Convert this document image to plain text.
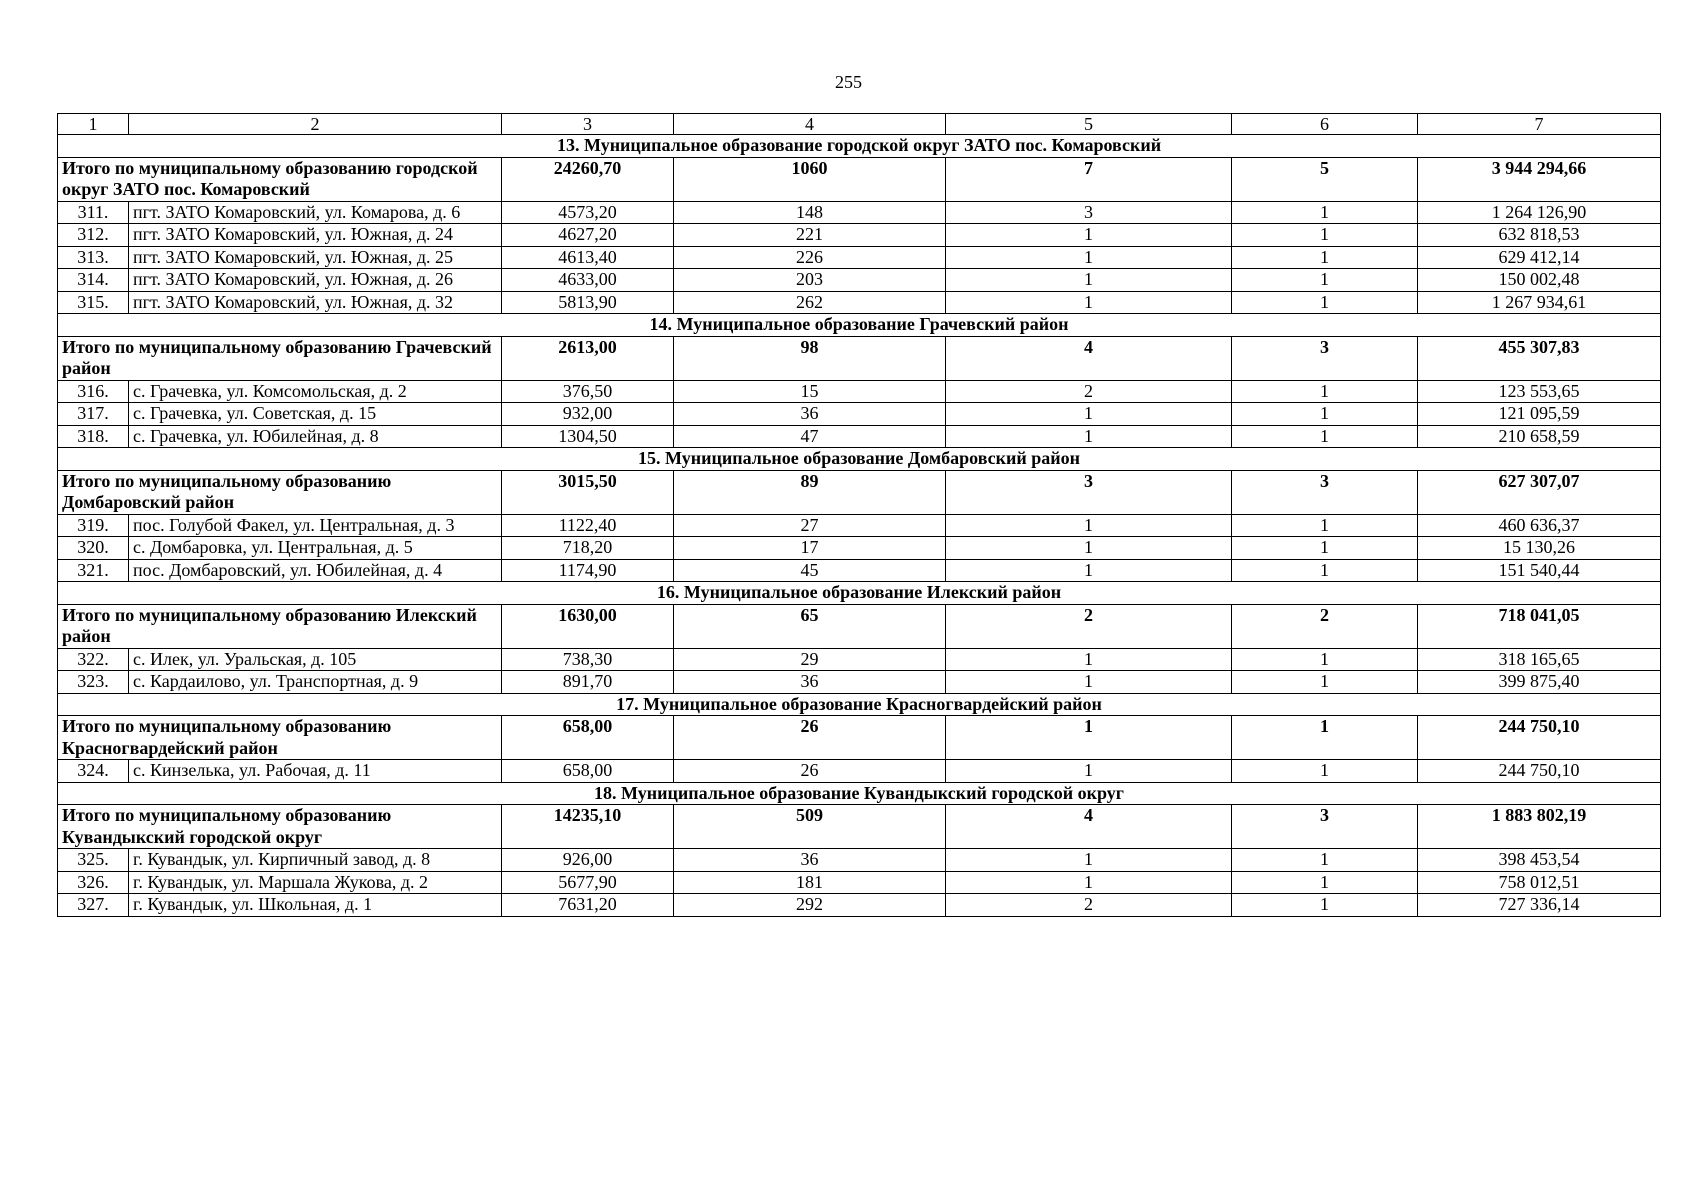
255
1	2	3	4	5	6	7
13. Муниципальное образование городской округ ЗАТО пос. Комаровский						
Итого по муниципальному образованию городской округ ЗАТО пос. Комаровский		24260,70	1060	7	5	3 944 294,66
311.	пгт. ЗАТО Комаровский, ул. Комарова, д. 6	4573,20	148	3	1	1 264 126,90
312.	пгт. ЗАТО Комаровский, ул. Южная, д. 24	4627,20	221	1	1	632 818,53
313.	пгт. ЗАТО Комаровский, ул. Южная, д. 25	4613,40	226	1	1	629 412,14
314.	пгт. ЗАТО Комаровский, ул. Южная, д. 26	4633,00	203	1	1	150 002,48
315.	пгт. ЗАТО Комаровский, ул. Южная, д. 32	5813,90	262	1	1	1 267 934,61
14. Муниципальное образование Грачевский район						
Итого по муниципальному образованию Грачевский район		2613,00	98	4	3	455 307,83
316.	с. Грачевка, ул. Комсомольская, д. 2	376,50	15	2	1	123 553,65
317.	с. Грачевка, ул. Советская, д. 15	932,00	36	1	1	121 095,59
318.	с. Грачевка, ул. Юбилейная, д. 8	1304,50	47	1	1	210 658,59
15. Муниципальное образование Домбаровский район						
Итого по муниципальному образованию Домбаровский район		3015,50	89	3	3	627 307,07
319.	пос. Голубой Факел, ул. Центральная, д. 3	1122,40	27	1	1	460 636,37
320.	с. Домбаровка, ул. Центральная, д. 5	718,20	17	1	1	15 130,26
321.	пос. Домбаровский, ул. Юбилейная, д. 4	1174,90	45	1	1	151 540,44
16. Муниципальное образование Илекский район						
Итого по муниципальному образованию Илекский район		1630,00	65	2	2	718 041,05
322.	с. Илек, ул. Уральская, д. 105	738,30	29	1	1	318 165,65
323.	с. Кардаилово, ул. Транспортная, д. 9	891,70	36	1	1	399 875,40
17. Муниципальное образование Красногвардейский район						
Итого по муниципальному образованию Красногвардейский район		658,00	26	1	1	244 750,10
324.	с. Кинзелька, ул. Рабочая, д. 11	658,00	26	1	1	244 750,10
18. Муниципальное образование Кувандыкский городской округ						
Итого по муниципальному образованию Кувандыкский городской округ		14235,10	509	4	3	1 883 802,19
325.	г. Кувандык, ул. Кирпичный завод, д. 8	926,00	36	1	1	398 453,54
326.	г. Кувандык, ул. Маршала Жукова, д. 2	5677,90	181	1	1	758 012,51
327.	г. Кувандык, ул. Школьная, д. 1	7631,20	292	2	1	727 336,14
